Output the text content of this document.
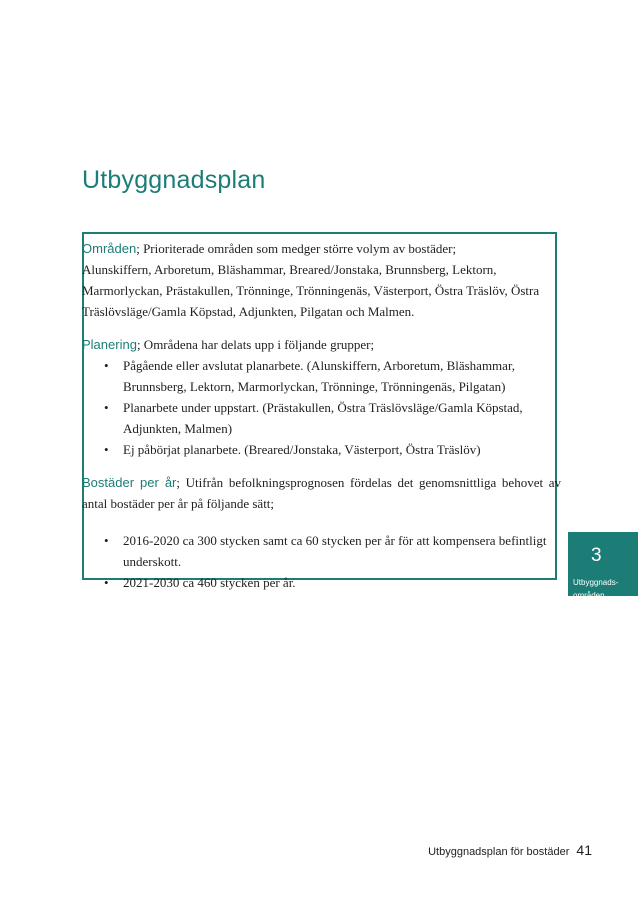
Utbyggnadsplan

Områden; Prioriterade områden som medger större volym av bostäder;

Alunskiffern, Arboretum, Bläshammar, Breared/Jonstaka, Brunnsberg, Lektorn,

Marmorlyckan, Prästakullen, Trönninge, Trönningenäs, Västerport, Östra Träslöv, Östra

Träslövsläge/Gamla Köpstad, Adjunkten, Pilgatan och Malmen.

Planering; Områdena har delats upp i följande grupper;

• Pågående eller avslutat planarbete. (Alunskiffern, Arboretum, Bläshammar,
Brunnsberg, Lektorn, Marmorlyckan, Trönninge, Trönningenäs, Pilgatan)
• Planarbete under uppstart. (Prästakullen, Östra Träslövsläge/Gamla Köpstad,
Adjunkten, Malmen)
• Ej påbörjat planarbete. (Breared/Jonstaka, Västerport, Östra Träslöv)

Bostäder per år; Utifrån befolkningsprognosen fördelas det genomsnittliga behovet av antal bostäder per år på följande sätt;

• 2016-2020 ca 300 stycken samt ca 60 stycken per år för att kompensera befintligt
underskott.
• 2021-2030 ca 460 stycken per år.
3
Utbyggnads-
områden
Utbyggnadsplan för bostäder 41
